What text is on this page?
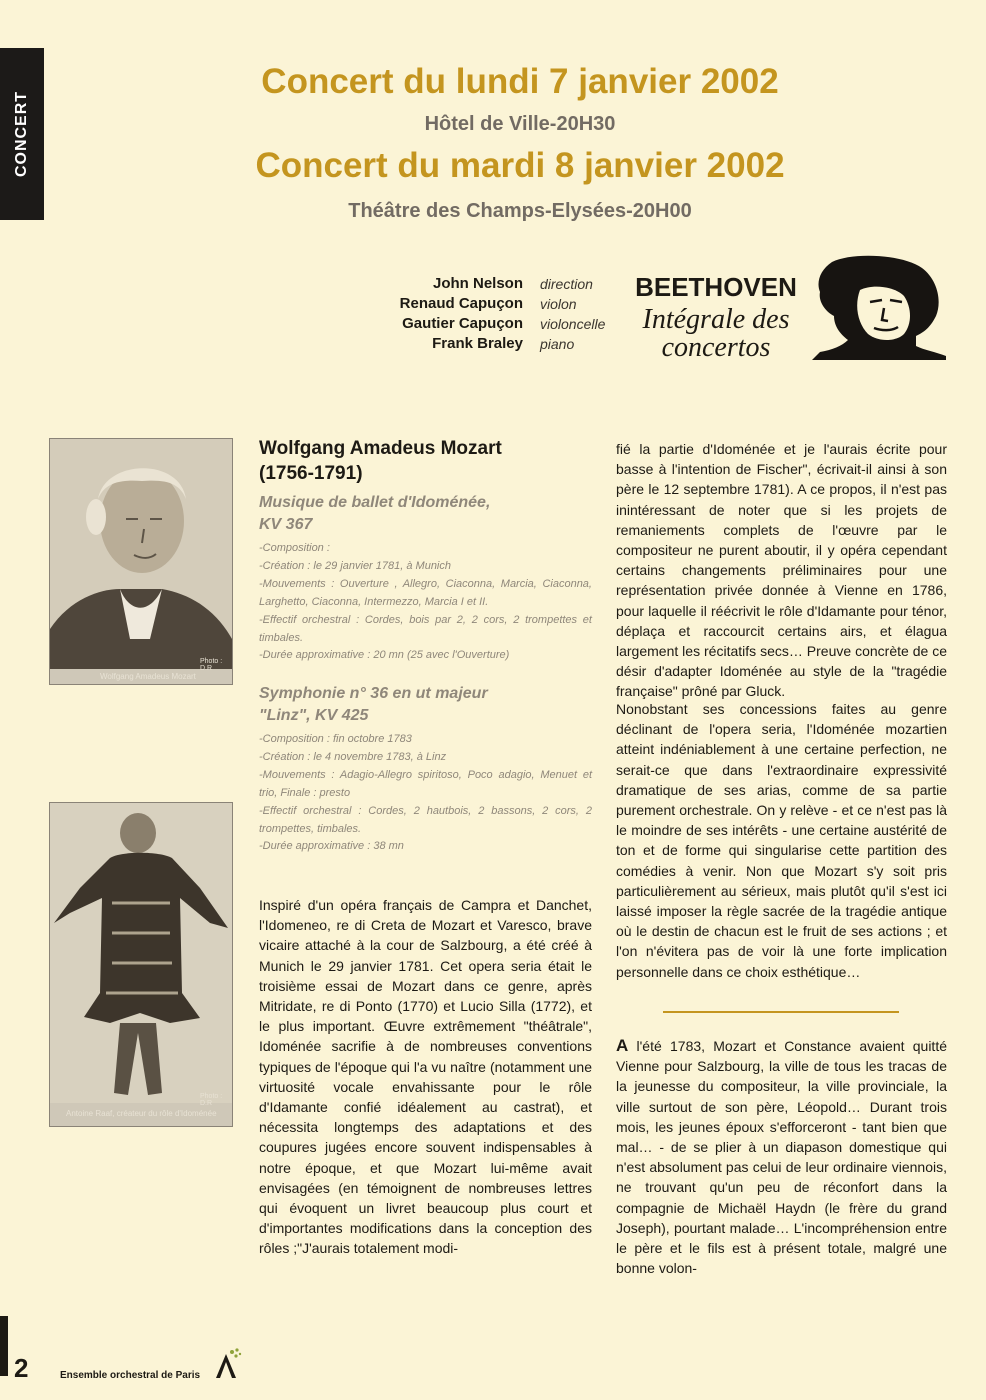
CONCERT
Concert du lundi 7 janvier 2002
Hôtel de Ville-20H30
Concert du mardi 8 janvier 2002
Théâtre des Champs-Elysées-20H00
John Nelson
Renaud Capuçon
Gautier Capuçon
Frank Braley
direction
violon
violoncelle
piano
BEETHOVEN
Intégrale des
concertos
Wolfgang Amadeus Mozart
Photo : D.R
Antoine Raaf, créateur du rôle d'Idoménée
Photo : D.R
Wolfgang Amadeus Mozart
(1756-1791)
Musique de ballet d'Idoménée,
KV 367
-Composition :
-Création : le 29 janvier 1781, à Munich
-Mouvements : Ouverture , Allegro, Ciaconna, Marcia, Ciaconna, Larghetto, Ciaconna, Intermezzo, Marcia I et II.
-Effectif orchestral : Cordes, bois par 2, 2 cors, 2 trompettes et timbales.
-Durée approximative : 20 mn (25 avec l'Ouverture)
Symphonie n° 36 en ut majeur
"Linz", KV 425
-Composition : fin octobre 1783
-Création : le 4 novembre 1783, à Linz
-Mouvements : Adagio-Allegro spiritoso, Poco adagio, Menuet et trio, Finale : presto
-Effectif orchestral : Cordes, 2 hautbois, 2 bassons, 2 cors, 2 trompettes, timbales.
-Durée approximative : 38 mn
Inspiré d'un opéra français de Campra et Danchet, l'Idomeneo, re di Creta de Mozart et Varesco, brave vicaire attaché à la cour de Salzbourg, a été créé à Munich le 29 janvier 1781. Cet opera seria était le troisième essai de Mozart dans ce genre, après Mitridate, re di Ponto (1770) et Lucio Silla (1772), et le plus important. Œuvre extrêmement "théâtrale", Idoménée sacrifie à de nombreuses conventions typiques de l'époque qui l'a vu naître (notamment une virtuosité vocale envahissante pour le rôle d'Idamante confié idéalement au castrat), et nécessita longtemps des adaptations et des coupures jugées encore souvent indispensables à notre époque, et que Mozart lui-même avait envisagées (en témoignent de nombreuses lettres qui évoquent un livret beaucoup plus court et d'importantes modifications dans la conception des rôles ;"J'aurais totalement modi-
fié la partie d'Idoménée et je l'aurais écrite pour basse à l'intention de Fischer", écrivait-il ainsi à son père le 12 septembre 1781). A ce propos, il n'est pas inintéressant de noter que si les projets de remaniements complets de l'œuvre par le compositeur ne purent aboutir, il y opéra cependant certains changements préliminaires pour une représentation privée donnée à Vienne en 1786, pour laquelle il réécrivit le rôle d'Idamante pour ténor, déplaça et raccourcit certains airs, et élagua largement les récitatifs secs… Preuve concrète de ce désir d'adapter Idoménée au style de la "tragédie française" prôné par Gluck.
Nonobstant ses concessions faites au genre déclinant de l'opera seria, l'Idoménée mozartien atteint indéniablement à une certaine perfection, ne serait-ce que dans l'extraordinaire expressivité dramatique de ses arias, comme de sa partie purement orchestrale. On y relève - et ce n'est pas là le moindre de ses intérêts - une certaine austérité de ton et de forme qui singularise cette partition des comédies à venir. Non que Mozart s'y soit pris particulièrement au sérieux, mais plutôt qu'il s'est ici laissé imposer la règle sacrée de la tragédie antique où le destin de chacun est le fruit de ses actions ; et l'on n'évitera pas de voir là une forte implication personnelle dans ce choix esthétique…
A l'été 1783, Mozart et Constance avaient quitté Vienne pour Salzbourg, la ville de tous les tracas de la jeunesse du compositeur, la ville provinciale, la ville surtout de son père, Léopold… Durant trois mois, les jeunes époux s'efforceront - tant bien que mal… - de se plier à un diapason domestique qui n'est absolument pas celui de leur ordinaire viennois, ne trouvant qu'un peu de réconfort dans la compagnie de Michaël Haydn (le frère du grand Joseph), pourtant malade… L'incompréhension entre le père et le fils est à présent totale, malgré une bonne volon-
2	Ensemble orchestral de Paris
